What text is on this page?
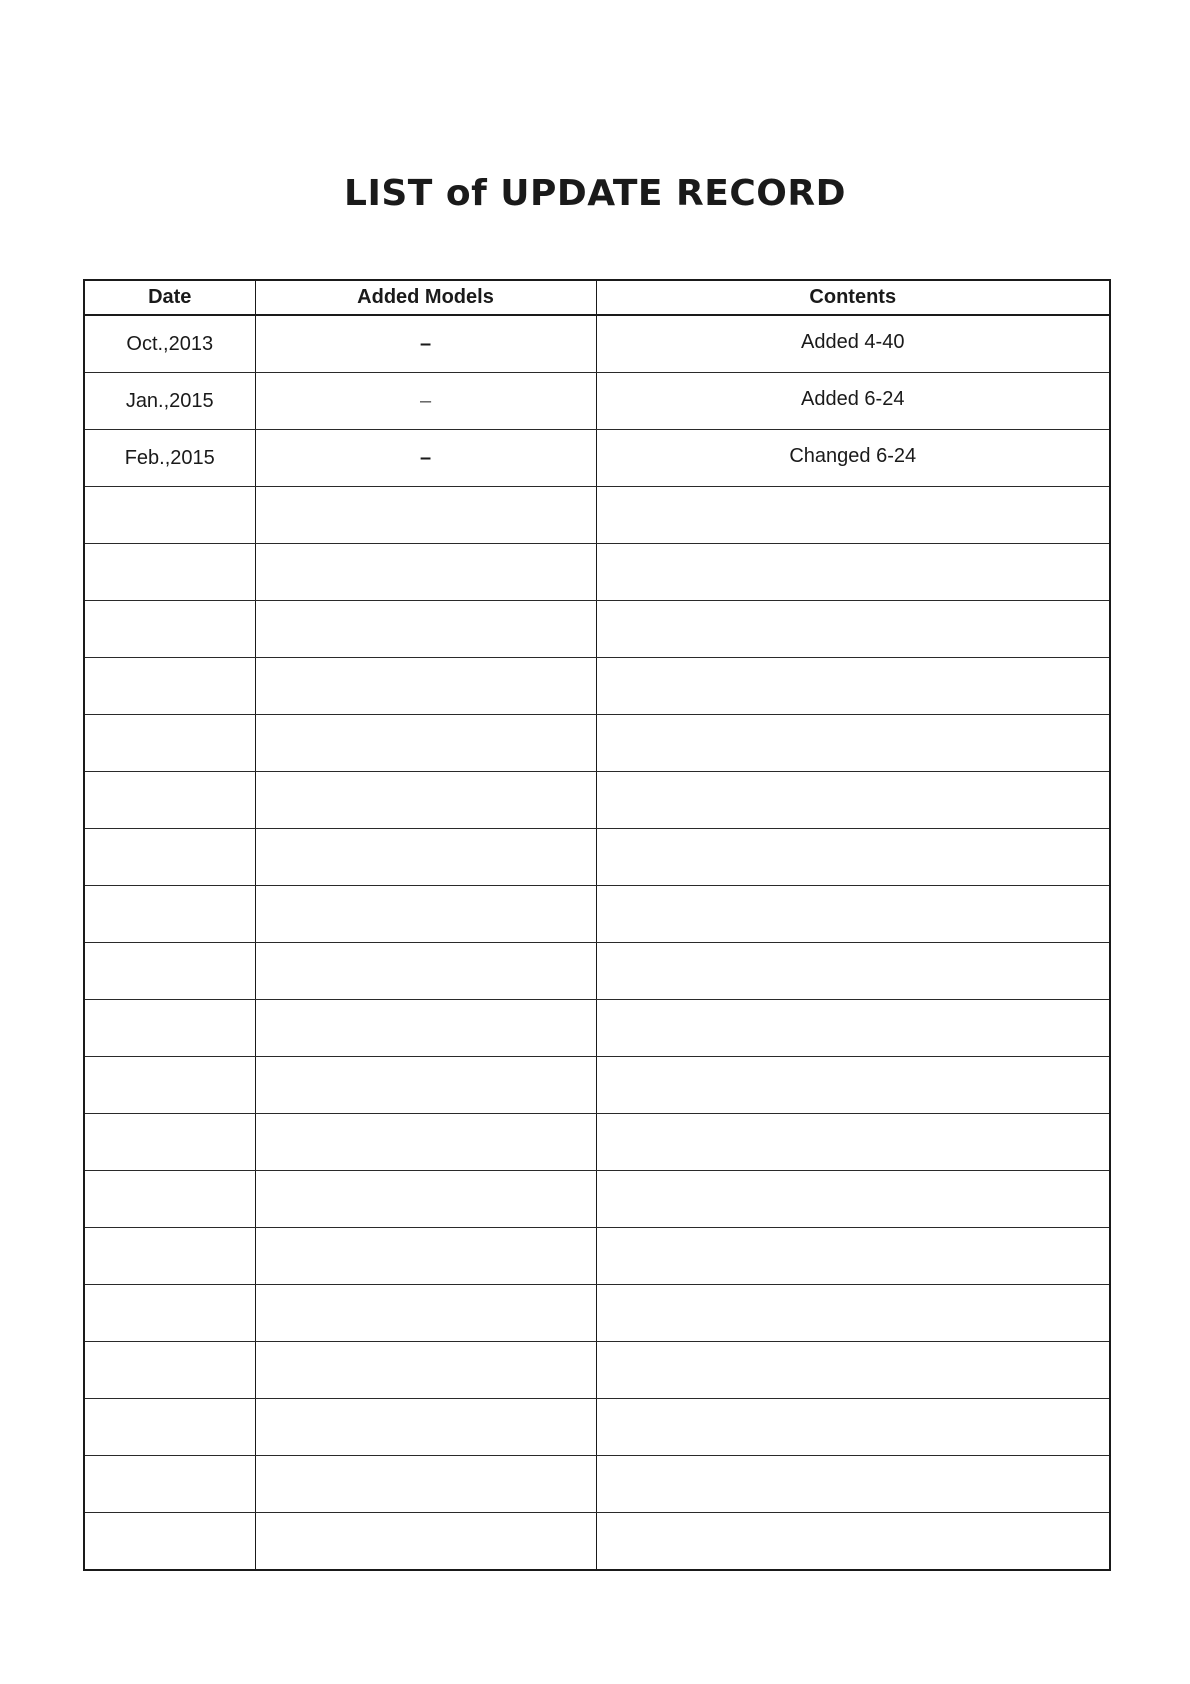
LIST of UPDATE RECORD
Date	Added Models	Contents
Oct.,2013	–	Added 4-40
Jan.,2015	–	Added 6-24
Feb.,2015	–	Changed 6-24
